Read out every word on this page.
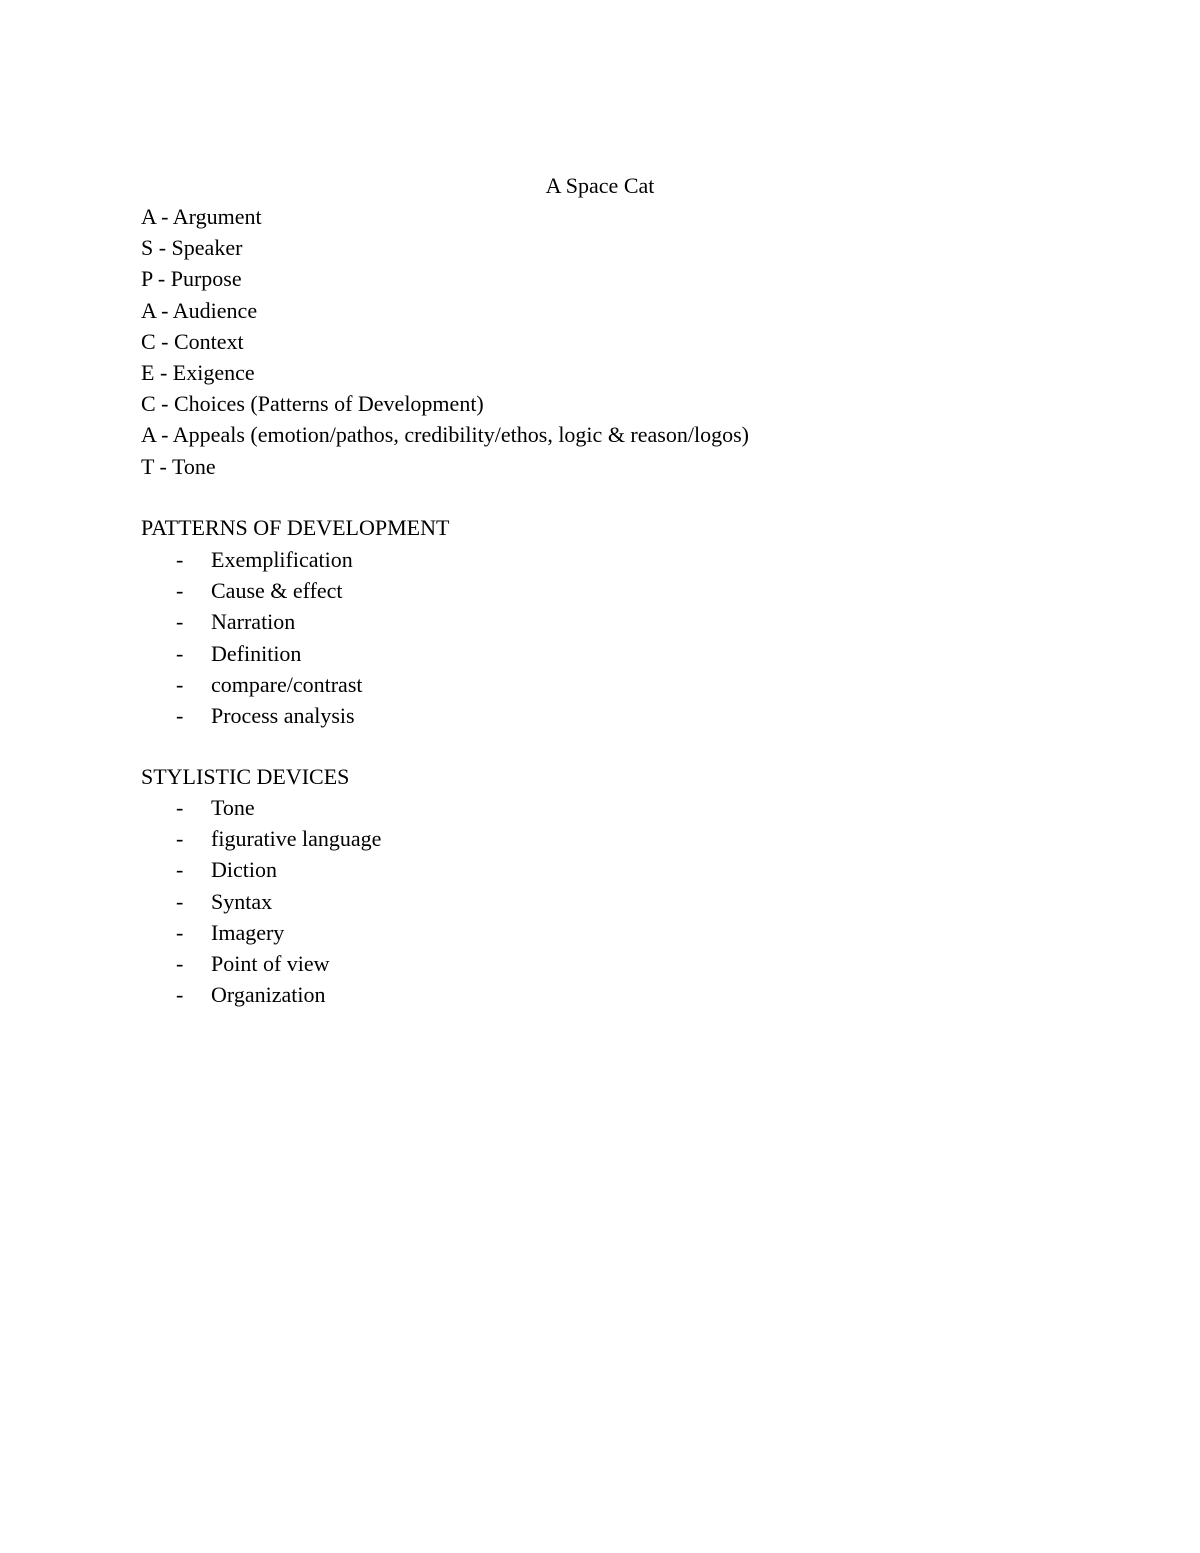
A Space Cat
A - Argument
S - Speaker
P - Purpose
A - Audience
C - Context
E - Exigence
C - Choices (Patterns of Development)
A - Appeals (emotion/pathos, credibility/ethos, logic & reason/logos)
T - Tone
PATTERNS OF DEVELOPMENT
- Exemplification
- Cause & effect
- Narration
- Definition
- compare/contrast
- Process analysis
STYLISTIC DEVICES
- Tone
- figurative language
- Diction
- Syntax
- Imagery
- Point of view
- Organization
